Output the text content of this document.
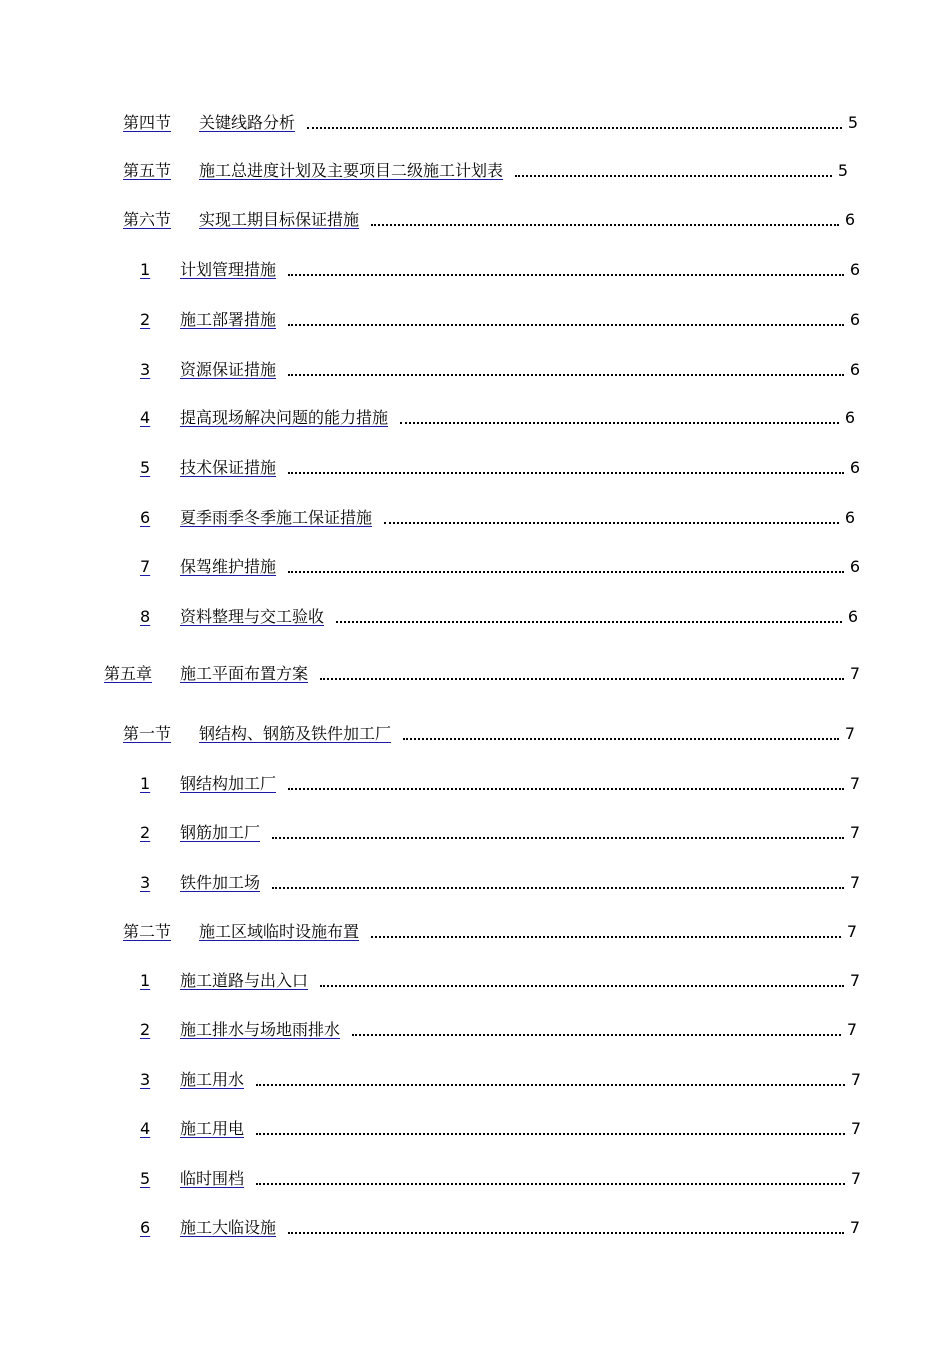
第四节	关键线路分析	5
第五节	施工总进度计划及主要项目二级施工计划表	5
第六节	实现工期目标保证措施	6
1	计划管理措施	6
2	施工部署措施	6
3	资源保证措施	6
4	提高现场解决问题的能力措施	6
5	技术保证措施	6
6	夏季雨季冬季施工保证措施	6
7	保驾维护措施	6
8	资料整理与交工验收	6
第五章	施工平面布置方案	7
第一节	钢结构、钢筋及铁件加工厂	7
1	钢结构加工厂	7
2	钢筋加工厂	7
3	铁件加工场	7
第二节	施工区域临时设施布置	7
1	施工道路与出入口	7
2	施工排水与场地雨排水	7
3	施工用水	7
4	施工用电	7
5	临时围档	7
6	施工大临设施	7
